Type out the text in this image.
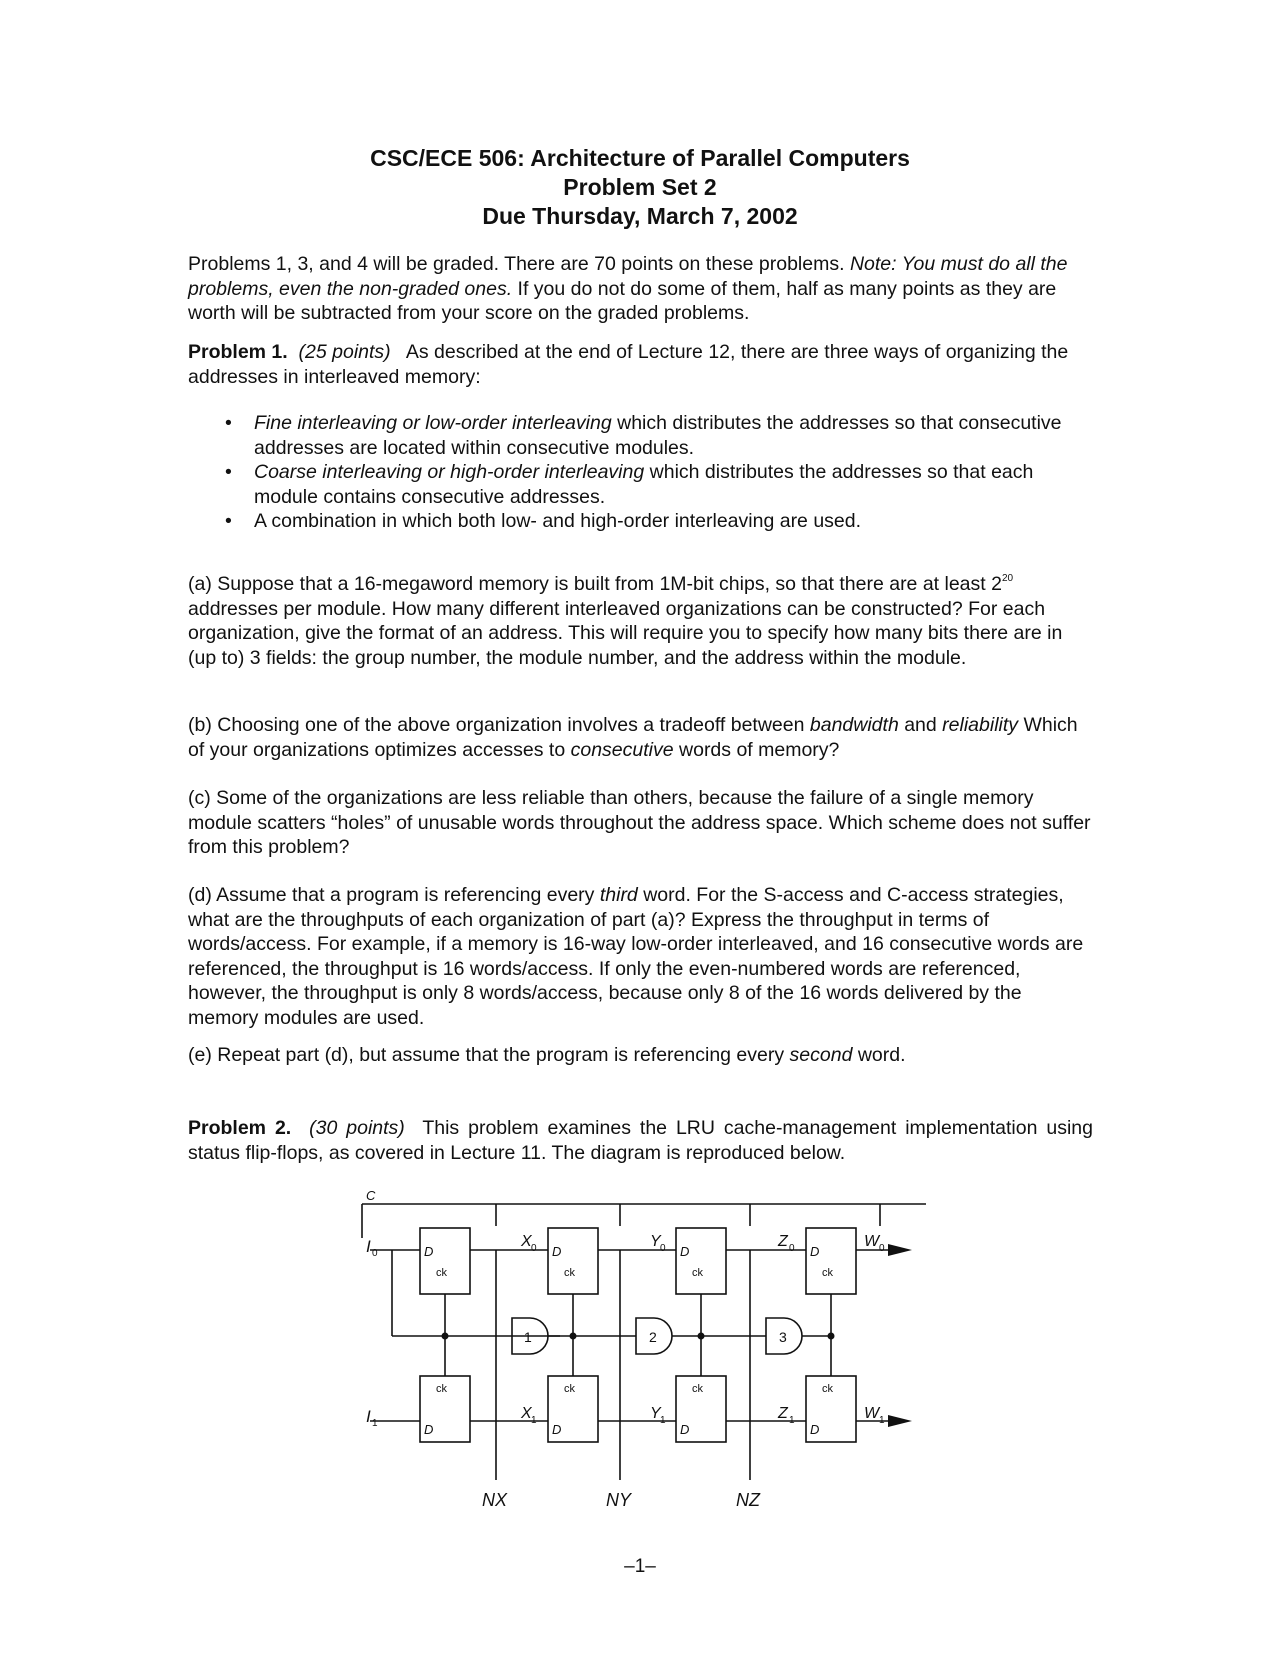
CSC/ECE 506: Architecture of Parallel Computers
Problem Set 2
Due Thursday, March 7, 2002

Problems 1, 3, and 4 will be graded. There are 70 points on these problems. Note: You must do all the problems, even the non-graded ones. If you do not do some of them, half as many points as they are worth will be subtracted from your score on the graded problems.

Problem 1. (25 points) As described at the end of Lecture 12, there are three ways of organizing the addresses in interleaved memory:

• Fine interleaving or low-order interleaving which distributes the addresses so that consecutive addresses are located within consecutive modules.
• Coarse interleaving or high-order interleaving which distributes the addresses so that each module contains consecutive addresses.
• A combination in which both low- and high-order interleaving are used.

(a) Suppose that a 16-megaword memory is built from 1M-bit chips, so that there are at least $2^{20}$ addresses per module. How many different interleaved organizations can be constructed? For each organization, give the format of an address. This will require you to specify how many bits there are in (up to) 3 fields: the group number, the module number, and the address within the module.

(b) Choosing one of the above organization involves a tradeoff between bandwidth and reliability Which of your organizations optimizes accesses to consecutive words of memory?

(c) Some of the organizations are less reliable than others, because the failure of a single memory module scatters “holes” of unusable words throughout the address space. Which scheme does not suffer from this problem?

(d) Assume that a program is referencing every third word. For the S-access and C-access strategies, what are the throughputs of each organization of part (a)? Express the throughput in terms of words/access. For example, if a memory is 16-way low-order interleaved, and 16 consecutive words are referenced, the throughput is 16 words/access. If only the even-numbered words are referenced, however, the throughput is only 8 words/access, because only 8 of the 16 words delivered by the memory modules are used.

(e) Repeat part (d), but assume that the program is referencing every second word.

Problem 2. (30 points) This problem examines the LRU cache-management implementation using status flip-flops, as covered in Lecture 11. The diagram is reproduced below.

C
I 0
I 1
D
ck
D
ck
D
ck
D
ck
ck
D
ck
D
ck
D
ck
D
1	2	3
X 0	Y 0	Z 0	W 0
X 1	Y 1	Z 1	W 1
NX	NY	NZ
–1–
